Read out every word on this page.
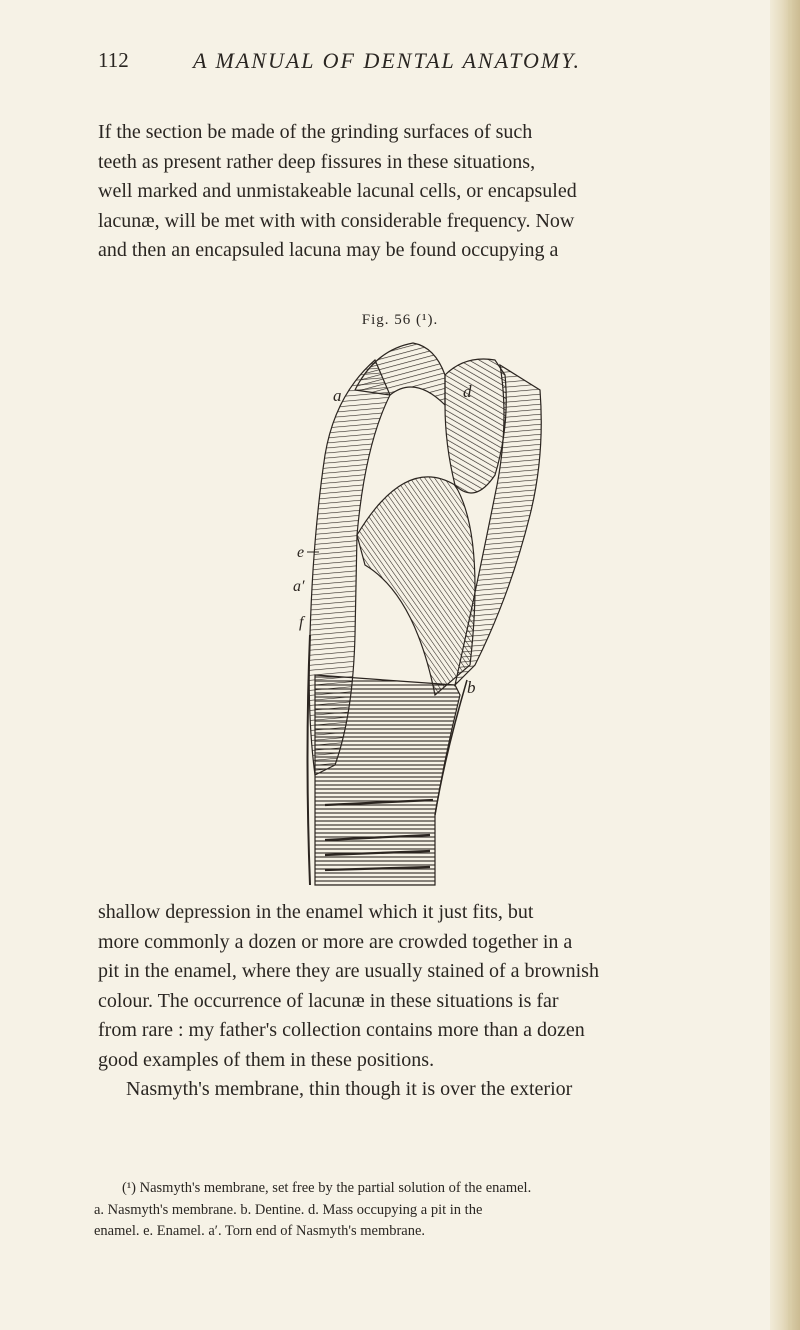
112	A MANUAL OF DENTAL ANATOMY.

If the section be made of the grinding surfaces of such

teeth as present rather deep fissures in these situations,

well marked and unmistakeable lacunal cells, or encapsuled

lacunæ, will be met with with considerable frequency. Now

and then an encapsuled lacuna may be found occupying a

Fig. 56 (¹).
a	d
e
a′
f
b

shallow depression in the enamel which it just fits, but

more commonly a dozen or more are crowded together in a

pit in the enamel, where they are usually stained of a brownish

colour. The occurrence of lacunæ in these situations is far

from rare : my father's collection contains more than a dozen

good examples of them in these positions.

Nasmyth's membrane, thin though it is over the exterior

(¹) Nasmyth's membrane, set free by the partial solution of the enamel.

a. Nasmyth's membrane. b. Dentine. d. Mass occupying a pit in the

enamel. e. Enamel. a′. Torn end of Nasmyth's membrane.
